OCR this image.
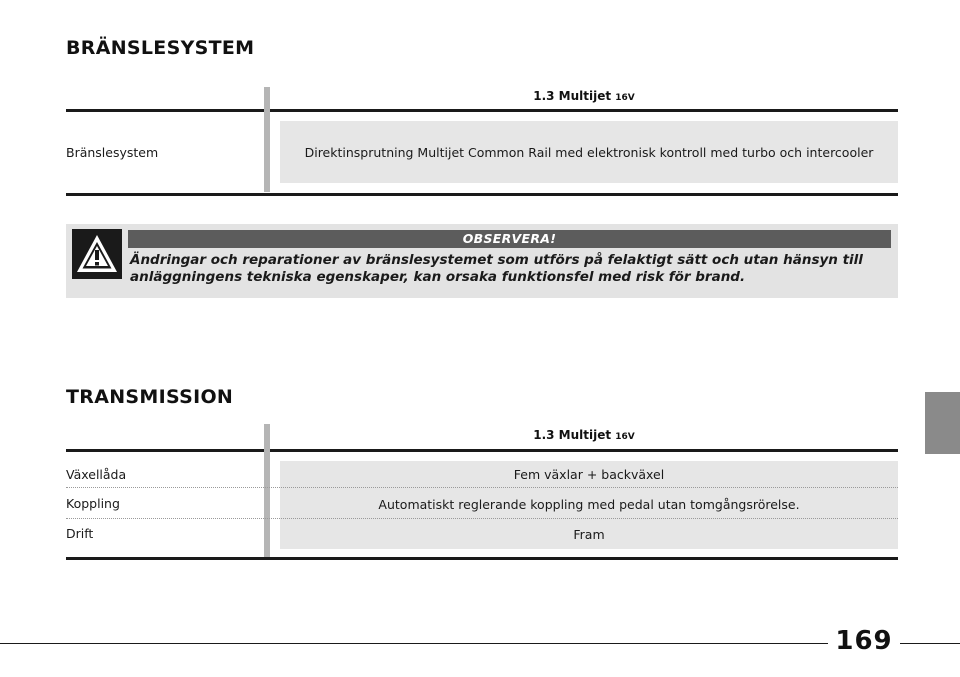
BRÄNSLESYSTEM
1.3 Multijet 16V
Bränslesystem	Direktinsprutning Multijet Common Rail med elektronisk kontroll med turbo och intercooler
OBSERVERA!
Ändringar och reparationer av bränslesystemet som utförs på felaktigt sätt och utan hänsyn till anläggningens tekniska egenskaper, kan orsaka funktionsfel med risk för brand.
TRANSMISSION
1.3 Multijet 16V
Växellåda	Fem växlar + backväxel
Koppling	Automatiskt reglerande koppling med pedal utan tomgångsrörelse.
Drift	Fram
169
